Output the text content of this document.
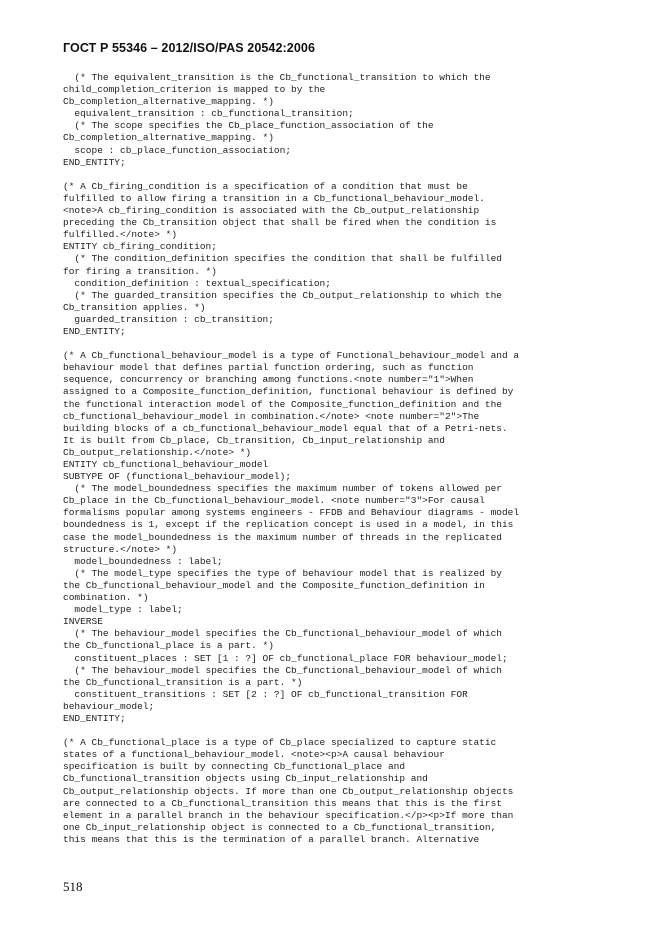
ГОСТ Р 55346 – 2012/ISO/PAS 20542:2006
(* The equivalent_transition is the Cb_functional_transition to which the
child_completion_criterion is mapped to by the
Cb_completion_alternative_mapping. *)
equivalent_transition : cb_functional_transition;
(* The scope specifies the Cb_place_function_association of the
Cb_completion_alternative_mapping. *)
scope : cb_place_function_association;
END_ENTITY;
(* A Cb_firing_condition is a specification of a condition that must be
fulfilled to allow firing a transition in a Cb_functional_behaviour_model.
<note>A cb_firing_condition is associated with the Cb_output_relationship
preceding the Cb_transition object that shall be fired when the condition is
fulfilled.</note> *)
ENTITY cb_firing_condition;
(* The condition_definition specifies the condition that shall be fulfilled
for firing a transition. *)
condition_definition : textual_specification;
(* The guarded_transition specifies the Cb_output_relationship to which the
Cb_transition applies. *)
guarded_transition : cb_transition;
END_ENTITY;
(* A Cb_functional_behaviour_model is a type of Functional_behaviour_model and a
behaviour model that defines partial function ordering, such as function
sequence, concurrency or branching among functions.<note number="1">When
assigned to a Composite_function_definition, functional behaviour is defined by
the functional interaction model of the Composite_function_definition and the
cb_functional_behaviour_model in combination.</note> <note number="2">The
building blocks of a cb_functional_behaviour_model equal that of a Petri-nets.
It is built from Cb_place, Cb_transition, Cb_input_relationship and
Cb_output_relationship.</note> *)
ENTITY cb_functional_behaviour_model
SUBTYPE OF (functional_behaviour_model);
(* The model_boundedness specifies the maximum number of tokens allowed per
Cb_place in the Cb_functional_behaviour_model. <note number="3">For causal
formalisms popular among systems engineers - FFDB and Behaviour diagrams - model
boundedness is 1, except if the replication concept is used in a model, in this
case the model_boundedness is the maximum number of threads in the replicated
structure.</note> *)
model_boundedness : label;
(* The model_type specifies the type of behaviour model that is realized by
the Cb_functional_behaviour_model and the Composite_function_definition in
combination. *)
model_type : label;
INVERSE
(* The behaviour_model specifies the Cb_functional_behaviour_model of which
the Cb_functional_place is a part. *)
constituent_places : SET [1 : ?] OF cb_functional_place FOR behaviour_model;
(* The behaviour_model specifies the Cb_functional_behaviour_model of which
the Cb_functional_transition is a part. *)
constituent_transitions : SET [2 : ?] OF cb_functional_transition FOR
behaviour_model;
END_ENTITY;
(* A Cb_functional_place is a type of Cb_place specialized to capture static
states of a functional_behaviour_model. <note><p>A causal behaviour
specification is built by connecting Cb_functional_place and
Cb_functional_transition objects using Cb_input_relationship and
Cb_output_relationship objects. If more than one Cb_output_relationship objects
are connected to a Cb_functional_transition this means that this is the first
element in a parallel branch in the behaviour specification.</p><p>If more than
one Cb_input_relationship object is connected to a Cb_functional_transition,
this means that this is the termination of a parallel branch. Alternative
518
